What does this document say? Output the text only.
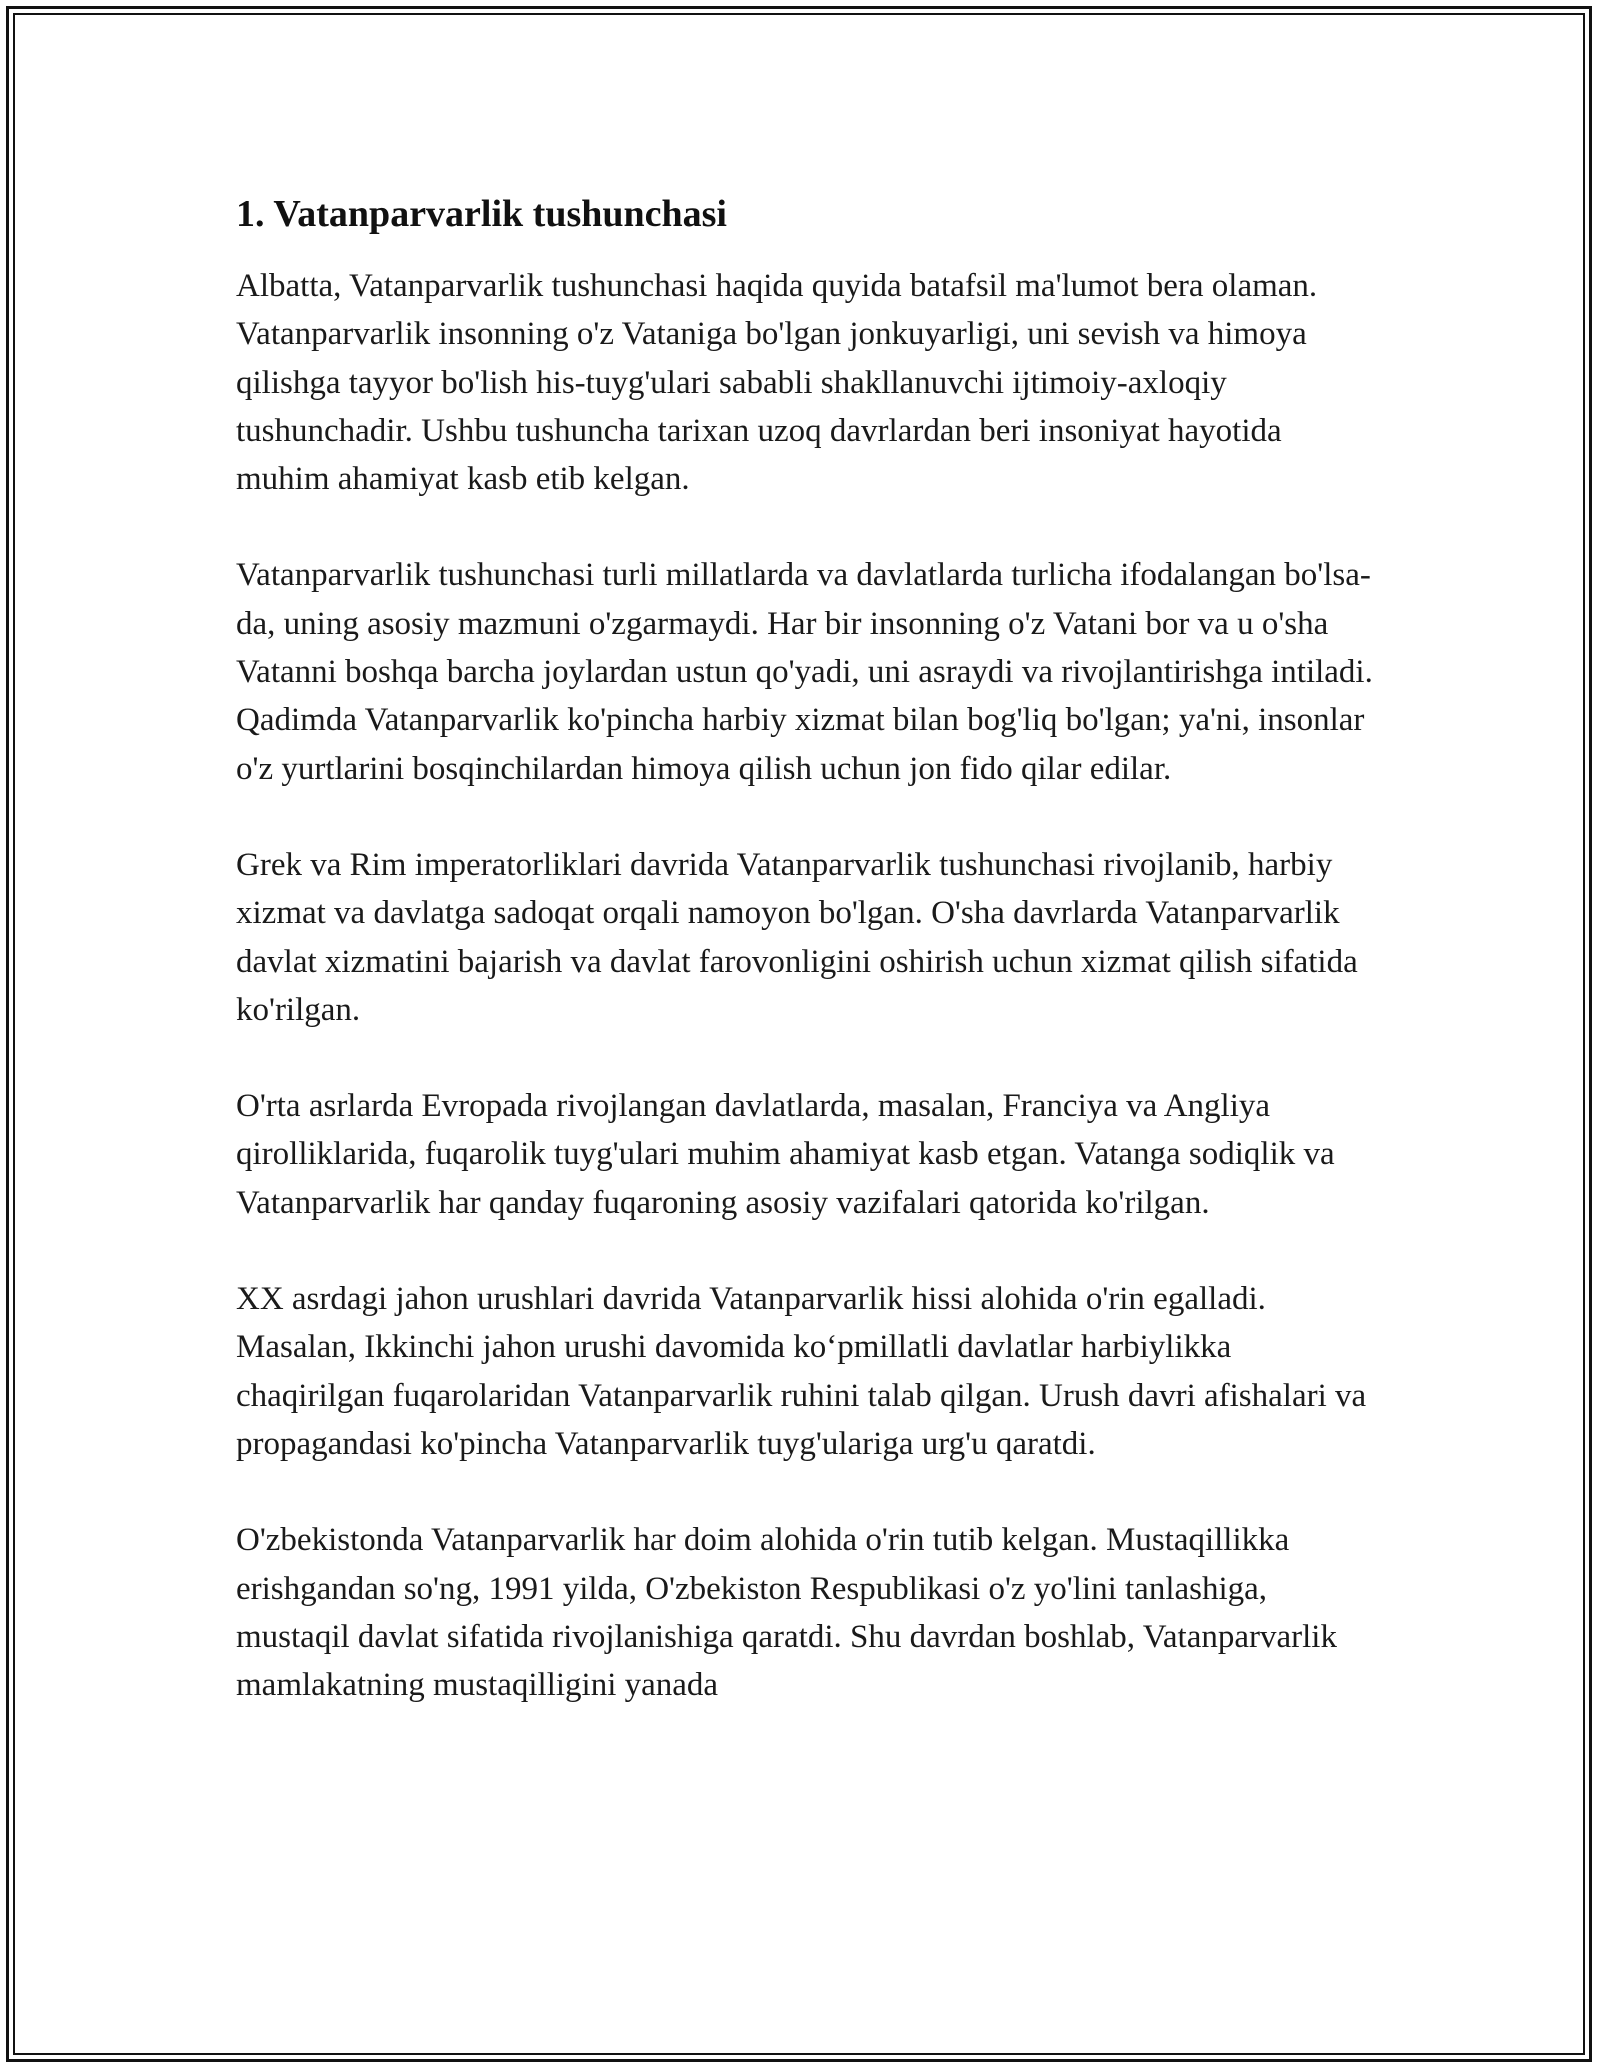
1. Vatanparvarlik tushunchasi

Albatta, Vatanparvarlik tushunchasi haqida quyida batafsil ma'lumot bera olaman. Vatanparvarlik insonning o'z Vataniga bo'lgan jonkuyarligi, uni sevish va himoya qilishga tayyor bo'lish his-tuyg'ulari sababli shakllanuvchi ijtimoiy-axloqiy tushunchadir. Ushbu tushuncha tarixan uzoq davrlardan beri insoniyat hayotida muhim ahamiyat kasb etib kelgan.

Vatanparvarlik tushunchasi turli millatlarda va davlatlarda turlicha ifodalangan bo'lsa-da, uning asosiy mazmuni o'zgarmaydi. Har bir insonning o'z Vatani bor va u o'sha Vatanni boshqa barcha joylardan ustun qo'yadi, uni asraydi va rivojlantirishga intiladi. Qadimda Vatanparvarlik ko'pincha harbiy xizmat bilan bog'liq bo'lgan; ya'ni, insonlar o'z yurtlarini bosqinchilardan himoya qilish uchun jon fido qilar edilar.

Grek va Rim imperatorliklari davrida Vatanparvarlik tushunchasi rivojlanib, harbiy xizmat va davlatga sadoqat orqali namoyon bo'lgan. O'sha davrlarda Vatanparvarlik davlat xizmatini bajarish va davlat farovonligini oshirish uchun xizmat qilish sifatida ko'rilgan.

O'rta asrlarda Evropada rivojlangan davlatlarda, masalan, Franciya va Angliya qirolliklarida, fuqarolik tuyg'ulari muhim ahamiyat kasb etgan. Vatanga sodiqlik va Vatanparvarlik har qanday fuqaroning asosiy vazifalari qatorida ko'rilgan.

XX asrdagi jahon urushlari davrida Vatanparvarlik hissi alohida o'rin egalladi. Masalan, Ikkinchi jahon urushi davomida ko‘pmillatli davlatlar harbiylikka chaqirilgan fuqarolaridan Vatanparvarlik ruhini talab qilgan. Urush davri afishalari va propagandasi ko'pincha Vatanparvarlik tuyg'ulariga urg'u qaratdi.

O'zbekistonda Vatanparvarlik har doim alohida o'rin tutib kelgan. Mustaqillikka erishgandan so'ng, 1991 yilda, O'zbekiston Respublikasi o'z yo'lini tanlashiga, mustaqil davlat sifatida rivojlanishiga qaratdi. Shu davrdan boshlab, Vatanparvarlik mamlakatning mustaqilligini yanada
